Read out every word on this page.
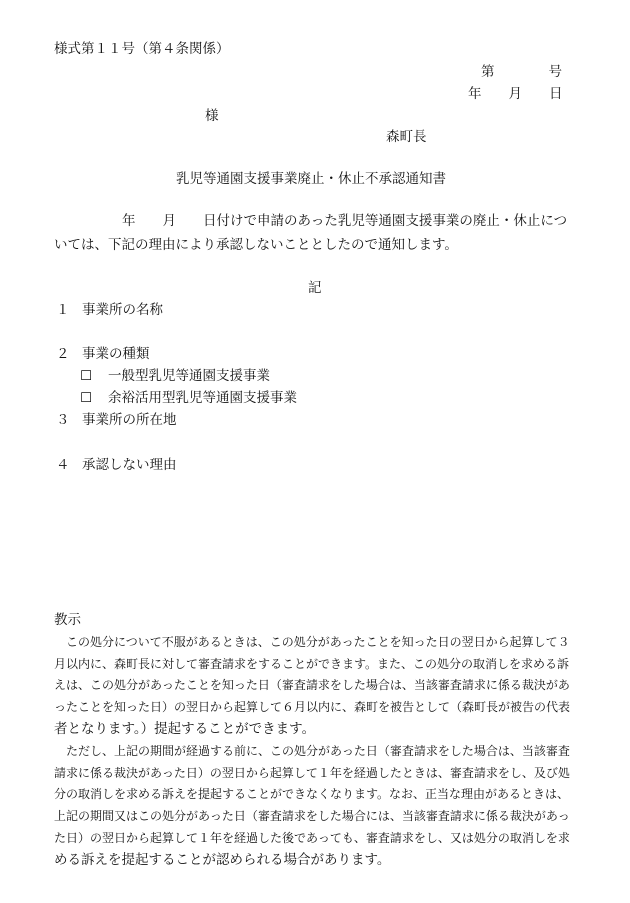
様式第１１号（第４条関係）
第　　　　号
年　　月　　日
様
森町長
乳児等通園支援事業廃止・休止不承認通知書
年　　月　　日付けで申請のあった乳児等通園支援事業の廃止・休止につ
いては、下記の理由により承認しないこととしたので通知します。
記
１ 事業所の名称
２ 事業の種類
☐ 一般型乳児等通園支援事業
☐ 余裕活用型乳児等通園支援事業
３ 事業所の所在地
４ 承認しない理由
教示
　この処分について不服があるときは、この処分があったことを知った日の翌日から起算して３
月以内に、森町長に対して審査請求をすることができます。また、この処分の取消しを求める訴
えは、この処分があったことを知った日（審査請求をした場合は、当該審査請求に係る裁決があ
ったことを知った日）の翌日から起算して６月以内に、森町を被告として（森町長が被告の代表
者となります。）提起することができます。
　ただし、上記の期間が経過する前に、この処分があった日（審査請求をした場合は、当該審査
請求に係る裁決があった日）の翌日から起算して１年を経過したときは、審査請求をし、及び処
分の取消しを求める訴えを提起することができなくなります。なお、正当な理由があるときは、
上記の期間又はこの処分があった日（審査請求をした場合には、当該審査請求に係る裁決があっ
た日）の翌日から起算して１年を経過した後であっても、審査請求をし、又は処分の取消しを求
める訴えを提起することが認められる場合があります。
